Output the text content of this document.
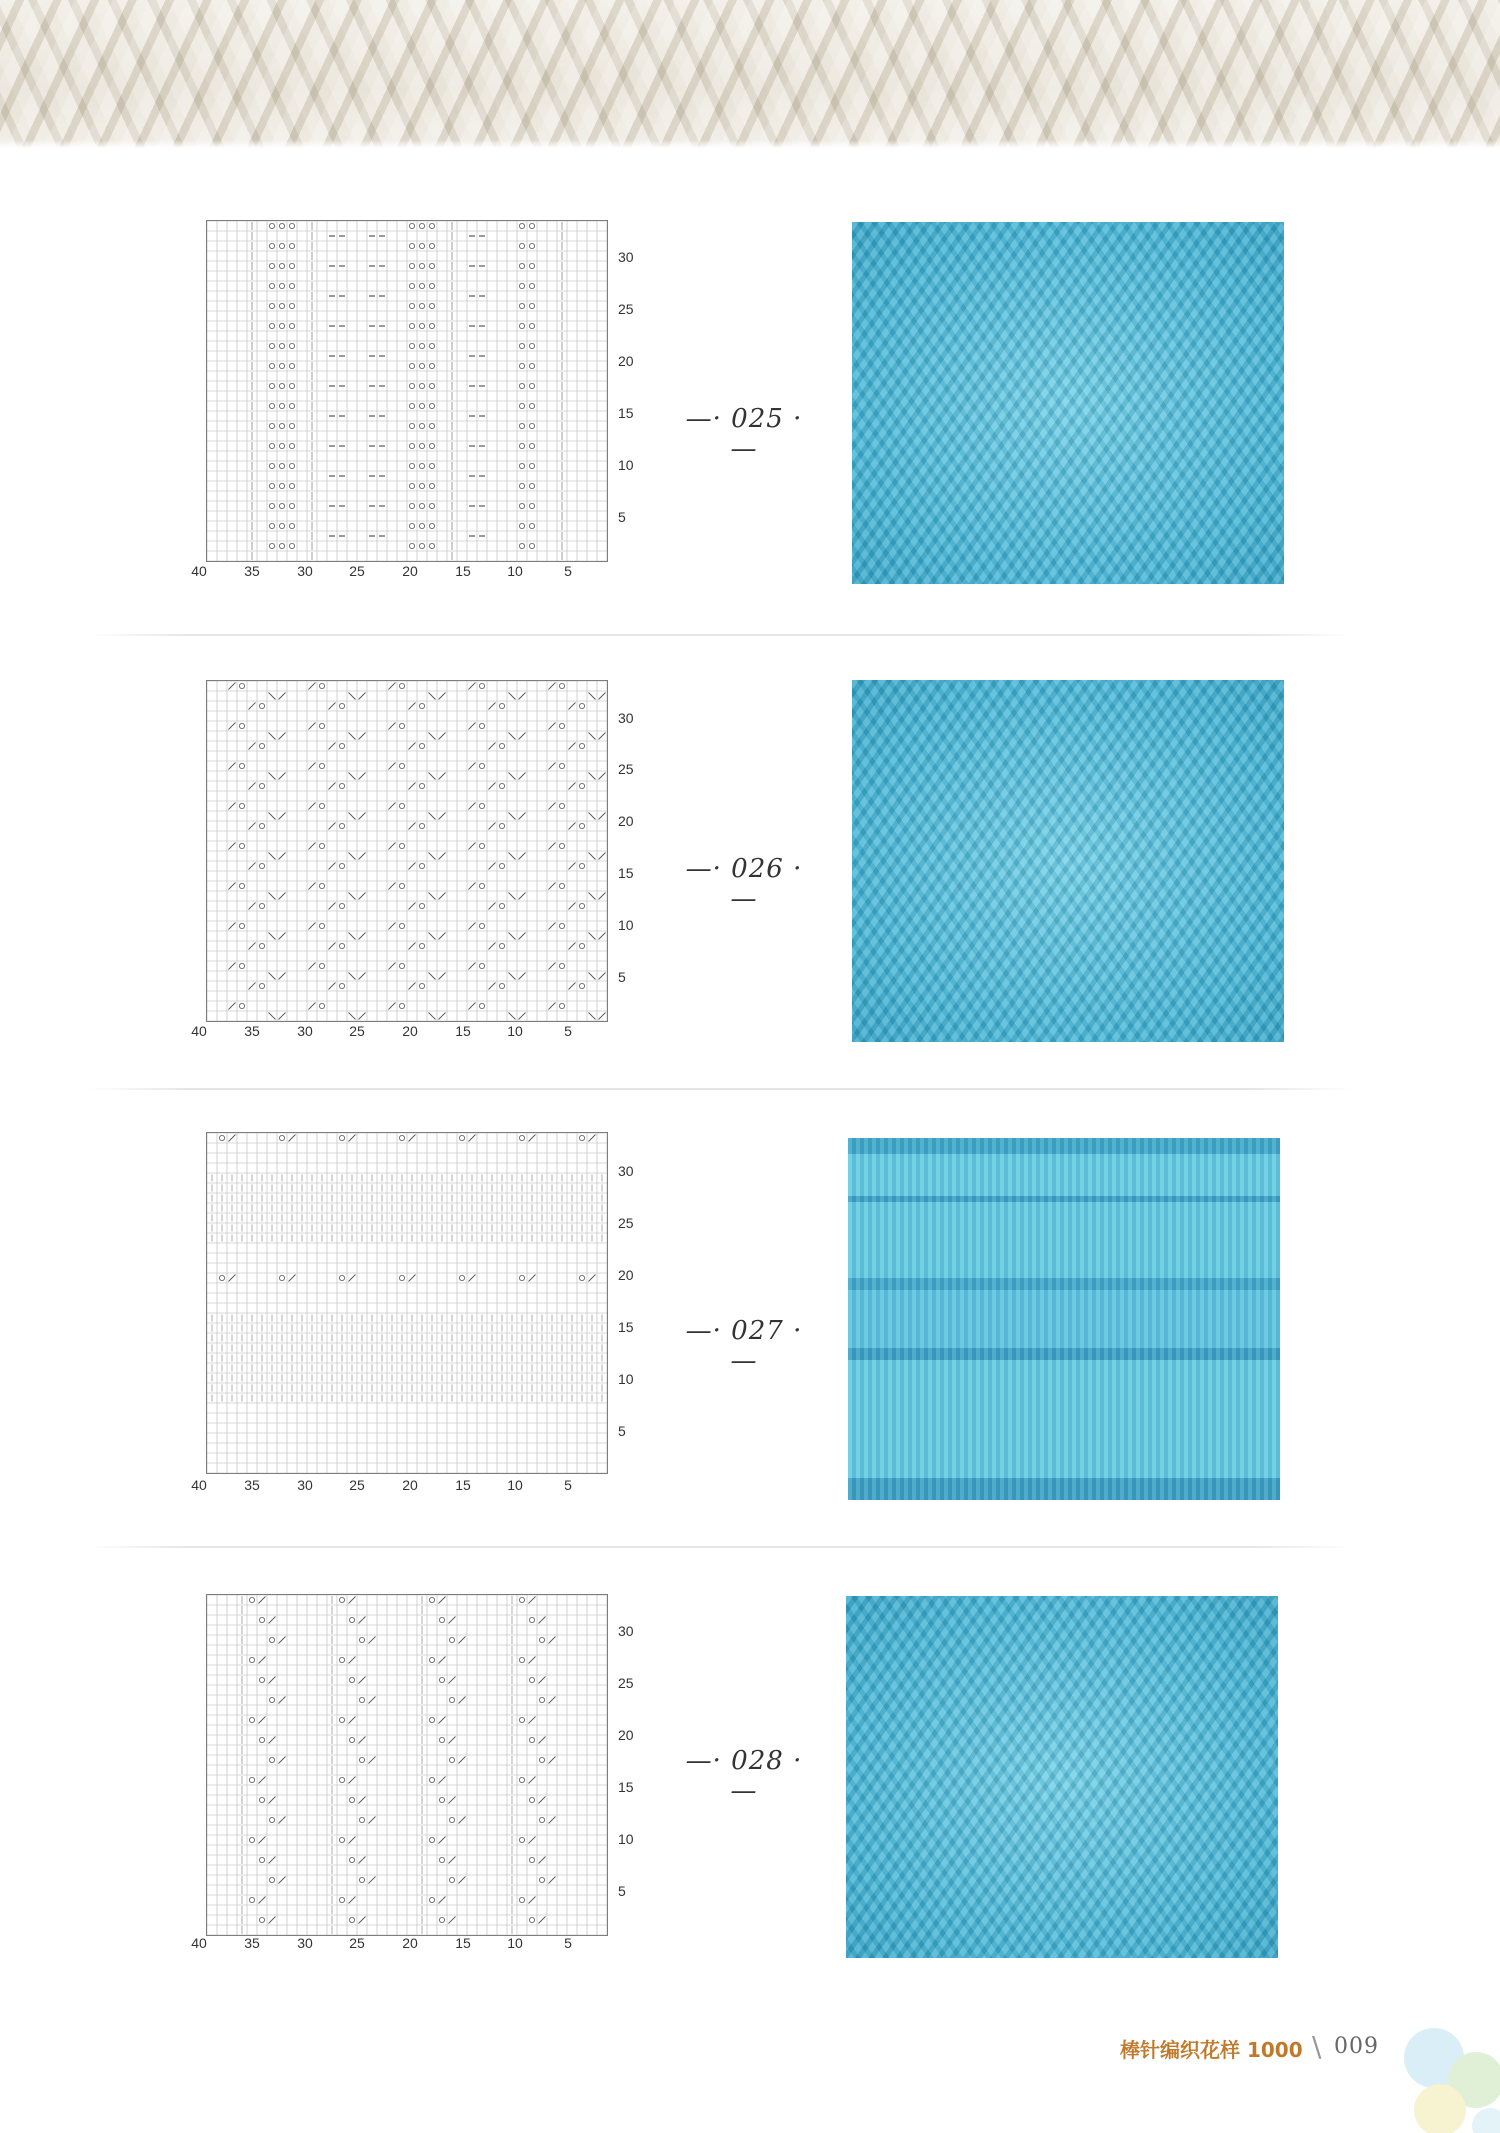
30
25
20
15
10
5
40	35	30	25	20	15	10	5
—· 025 ·—
30
25
20
15
10
5
40	35	30	25	20	15	10	5
—· 026 ·—
30
25
20
15
10
5
40	35	30	25	20	15	10	5
—· 027 ·—
30
25
20
15
10
5
40	35	30	25	20	15	10	5
—· 028 ·—
棒针编织花样 1000 \ 009
